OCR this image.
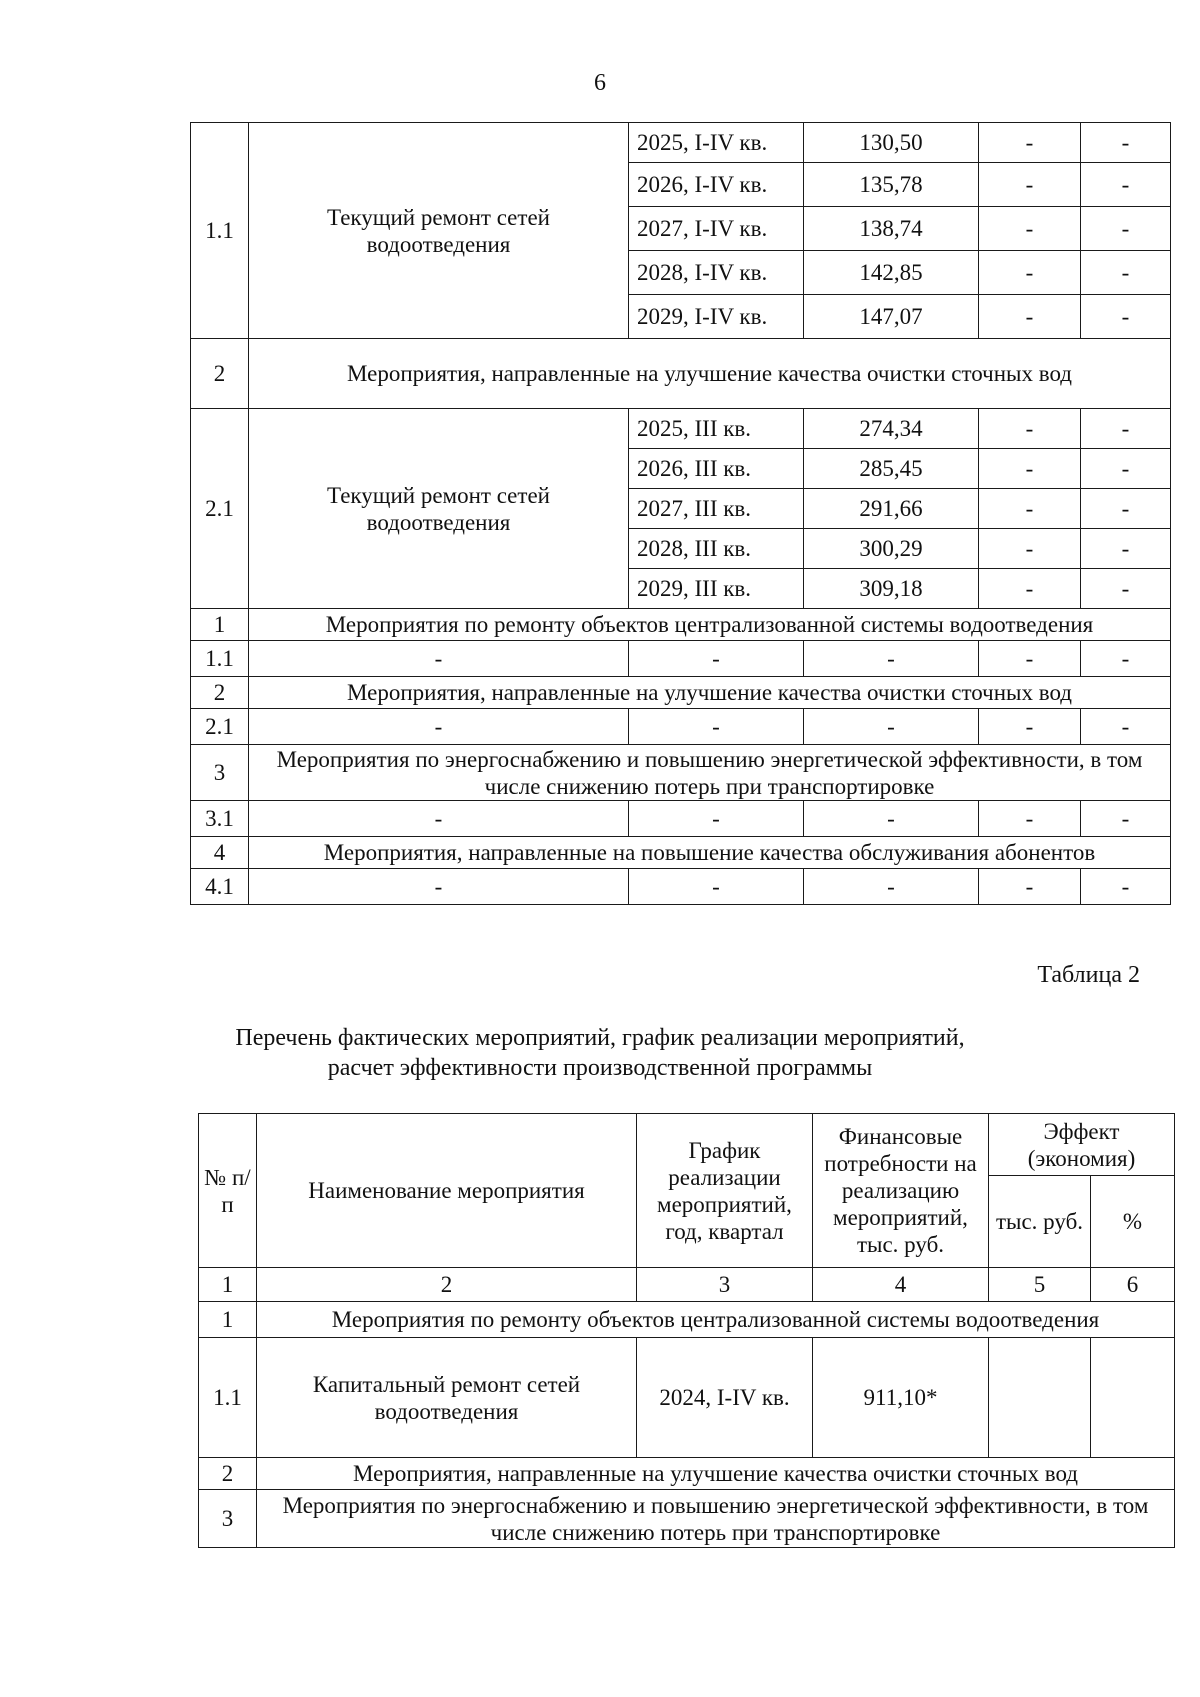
6
1.1	Текущий ремонт сетей водоотведения	2025, I-IV кв.	130,50	-	-
		2026, I-IV кв.	135,78	-	-
		2027, I-IV кв.	138,74	-	-
		2028, I-IV кв.	142,85	-	-
		2029, I-IV кв.	147,07	-	-
2	Мероприятия, направленные на улучшение качества очистки сточных вод				
2.1	Текущий ремонт сетей водоотведения	2025, III кв.	274,34	-	-
		2026, III кв.	285,45	-	-
		2027, III кв.	291,66	-	-
		2028, III кв.	300,29	-	-
		2029, III кв.	309,18	-	-
1	Мероприятия по ремонту объектов централизованной системы водоотведения				
1.1	-	-	-	-	-
2	Мероприятия, направленные на улучшение качества очистки сточных вод				
2.1	-	-	-	-	-
3	Мероприятия по энергоснабжению и повышению энергетической эффективности, в том числе снижению потерь при транспортировке				
3.1	-	-	-	-	-
4	Мероприятия, направленные на повышение качества обслуживания абонентов				
4.1	-	-	-	-	-
Таблица 2
Перечень фактических мероприятий, график реализации мероприятий, расчет эффективности производственной программы
№ п/ п	Наименование мероприятия	График реализации мероприятий, год, квартал	Финансовые потребности на реализацию мероприятий, тыс. руб.	Эффект (экономия)	
				тыс. руб.	%
1	2	3	4	5	6
1	Мероприятия по ремонту объектов централизованной системы водоотведения				
1.1	Капитальный ремонт сетей водоотведения	2024, I-IV кв.	911,10*		
2	Мероприятия, направленные на улучшение качества очистки сточных вод				
3	Мероприятия по энергоснабжению и повышению энергетической эффективности, в том числе снижению потерь при транспортировке				
